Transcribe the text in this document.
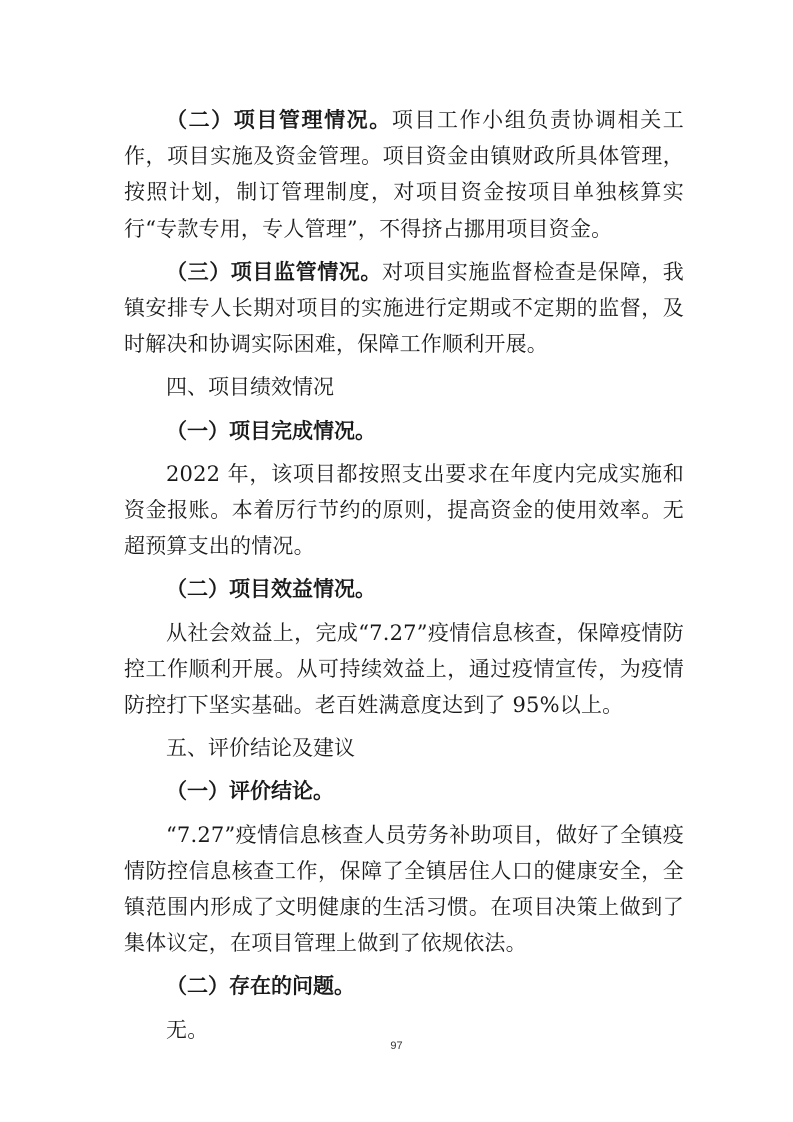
（二）项目管理情况。项目工作小组负责协调相关工作，项目实施及资金管理。项目资金由镇财政所具体管理，按照计划，制订管理制度，对项目资金按项目单独核算实行“专款专用，专人管理”，不得挤占挪用项目资金。

（三）项目监管情况。对项目实施监督检查是保障，我镇安排专人长期对项目的实施进行定期或不定期的监督，及时解决和协调实际困难，保障工作顺利开展。

四、项目绩效情况

（一）项目完成情况。

2022 年，该项目都按照支出要求在年度内完成实施和资金报账。本着厉行节约的原则，提高资金的使用效率。无超预算支出的情况。

（二）项目效益情况。

从社会效益上，完成“7.27”疫情信息核查，保障疫情防控工作顺利开展。从可持续效益上，通过疫情宣传，为疫情防控打下坚实基础。老百姓满意度达到了 95%以上。

五、评价结论及建议

（一）评价结论。

“7.27”疫情信息核查人员劳务补助项目，做好了全镇疫情防控信息核查工作，保障了全镇居住人口的健康安全，全镇范围内形成了文明健康的生活习惯。在项目决策上做到了集体议定，在项目管理上做到了依规依法。

（二）存在的问题。

无。

97
